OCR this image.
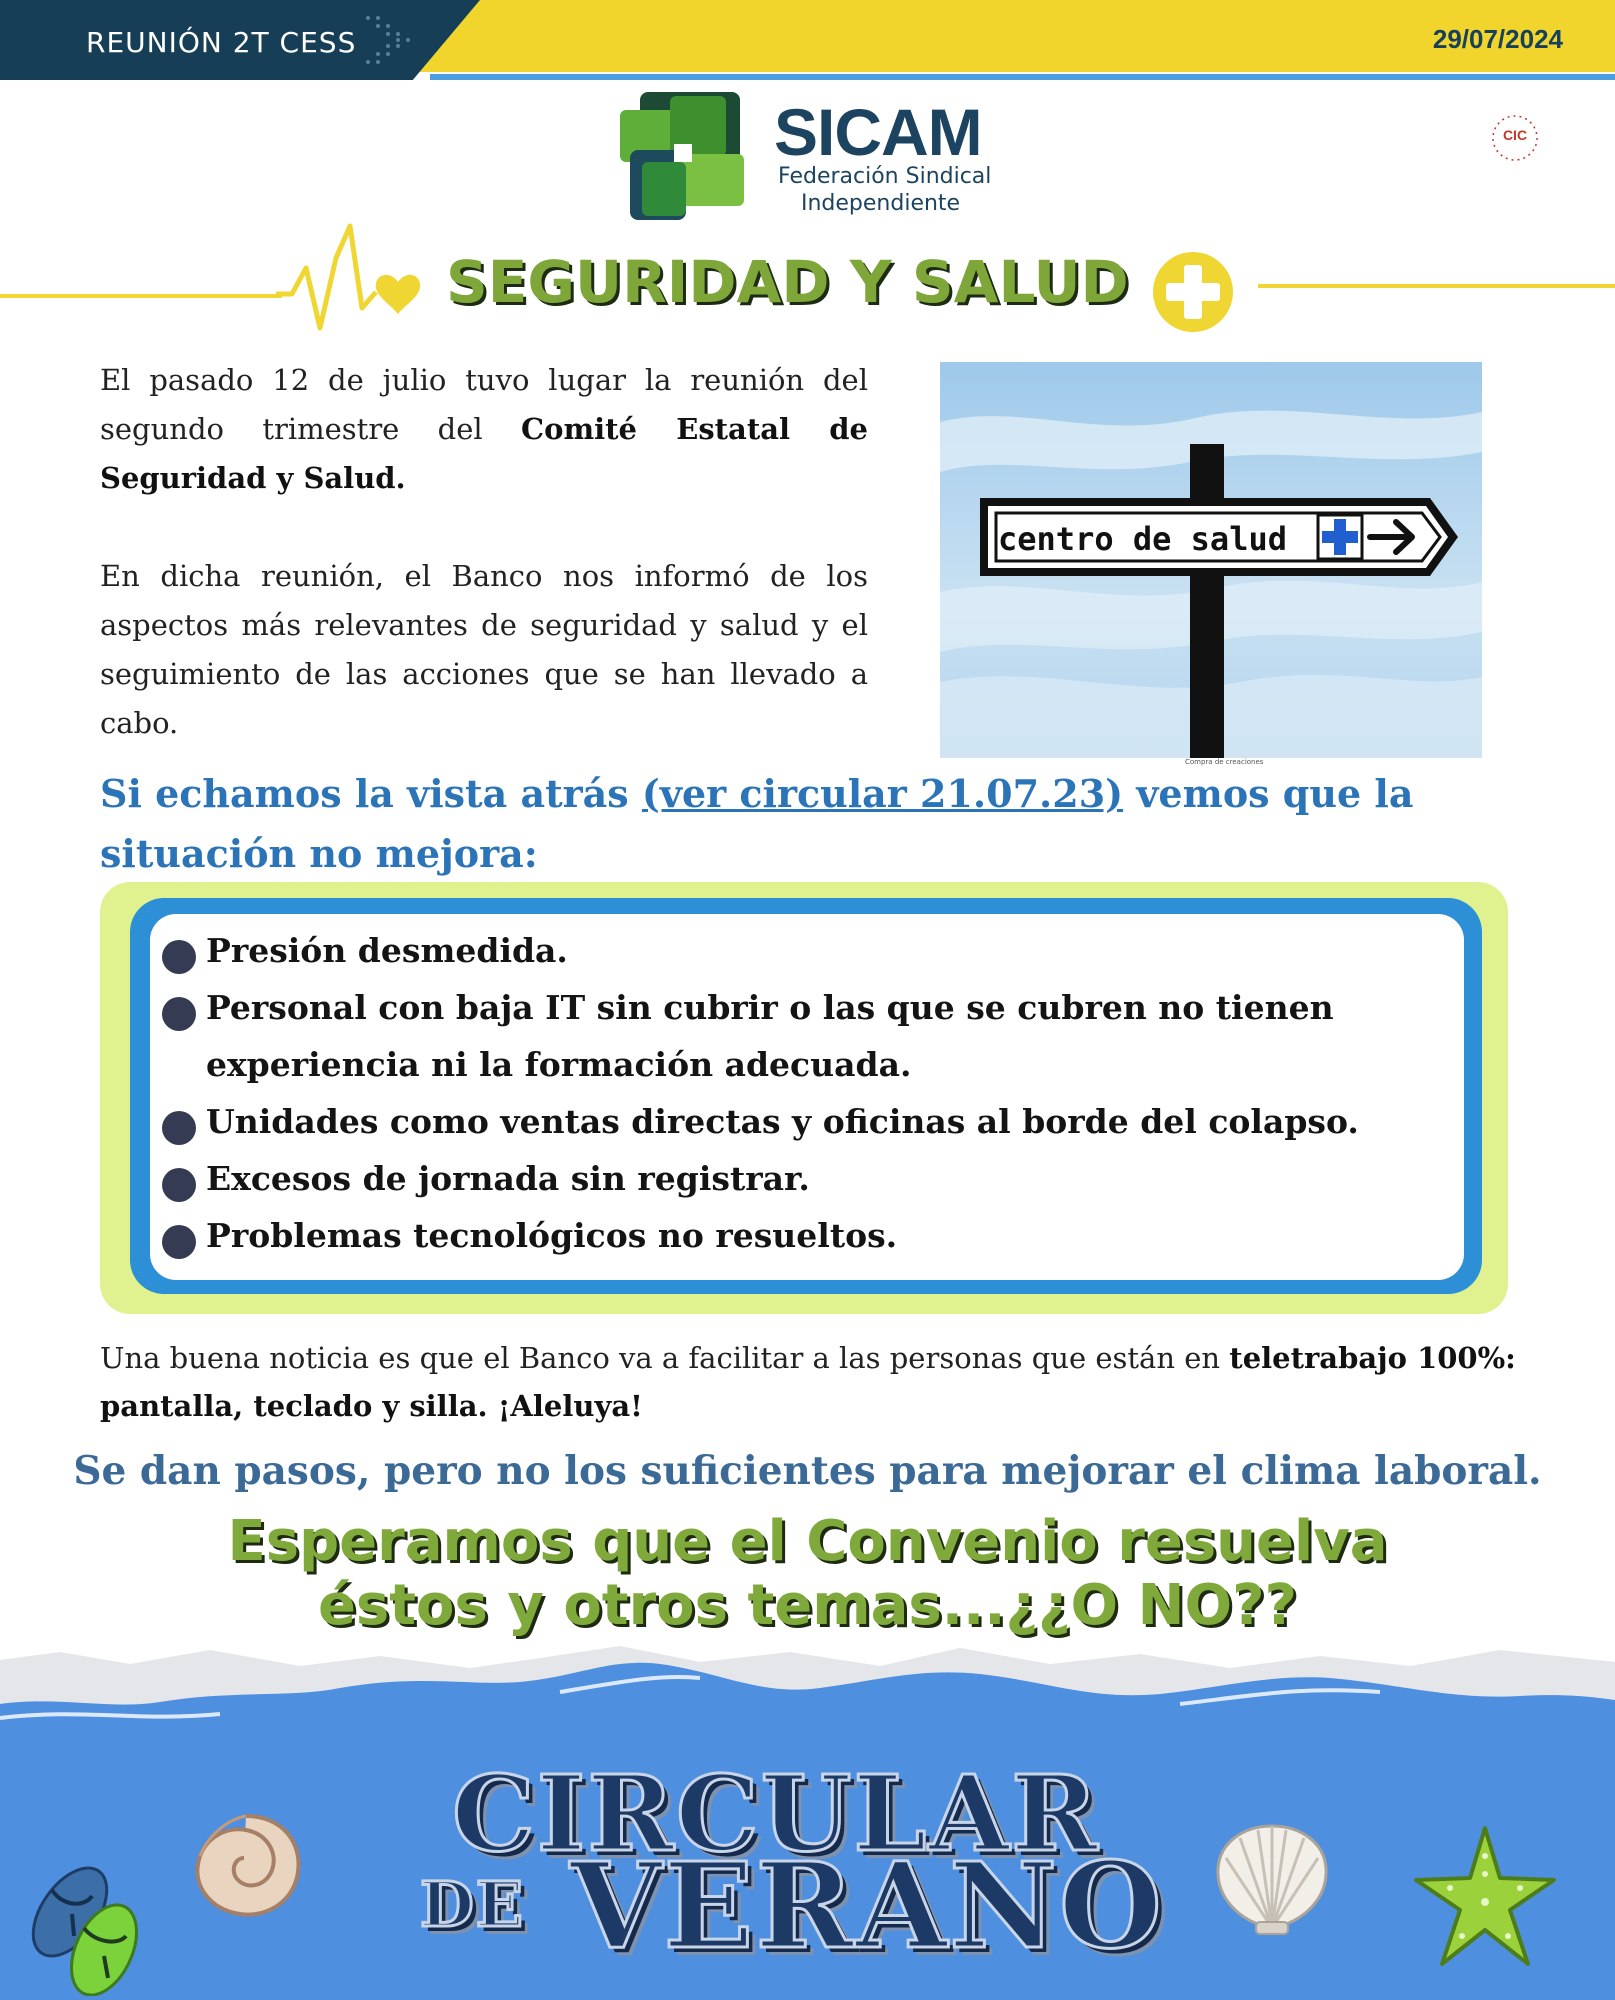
REUNIÓN 2T CESS	29/07/2024
SICAM
Federación Sindical
Independiente
CIC
SEGURIDAD Y SALUD

El pasado 12 de julio tuvo lugar la reunión del segundo trimestre del Comité Estatal de Seguridad y Salud.

En dicha reunión, el Banco nos informó de los aspectos más relevantes de seguridad y salud y el seguimiento de las acciones que se han llevado a cabo.

centro de salud
Compra de creaciones
Si echamos la vista atrás (ver circular 21.07.23) vemos que la situación no mejora:
Presión desmedida.
Personal con baja IT sin cubrir o las que se cubren no tienen experiencia ni la formación adecuada.
Unidades como ventas directas y oficinas al borde del colapso.
Excesos de jornada sin registrar.
Problemas tecnológicos no resueltos.
Una buena noticia es que el Banco va a facilitar a las personas que están en teletrabajo 100%: pantalla, teclado y silla. ¡Aleluya!
Se dan pasos, pero no los suficientes para mejorar el clima laboral.
Esperamos que el Convenio resuelva
éstos y otros temas...¿¿O NO??
CIRCULAR
DE VERANO
